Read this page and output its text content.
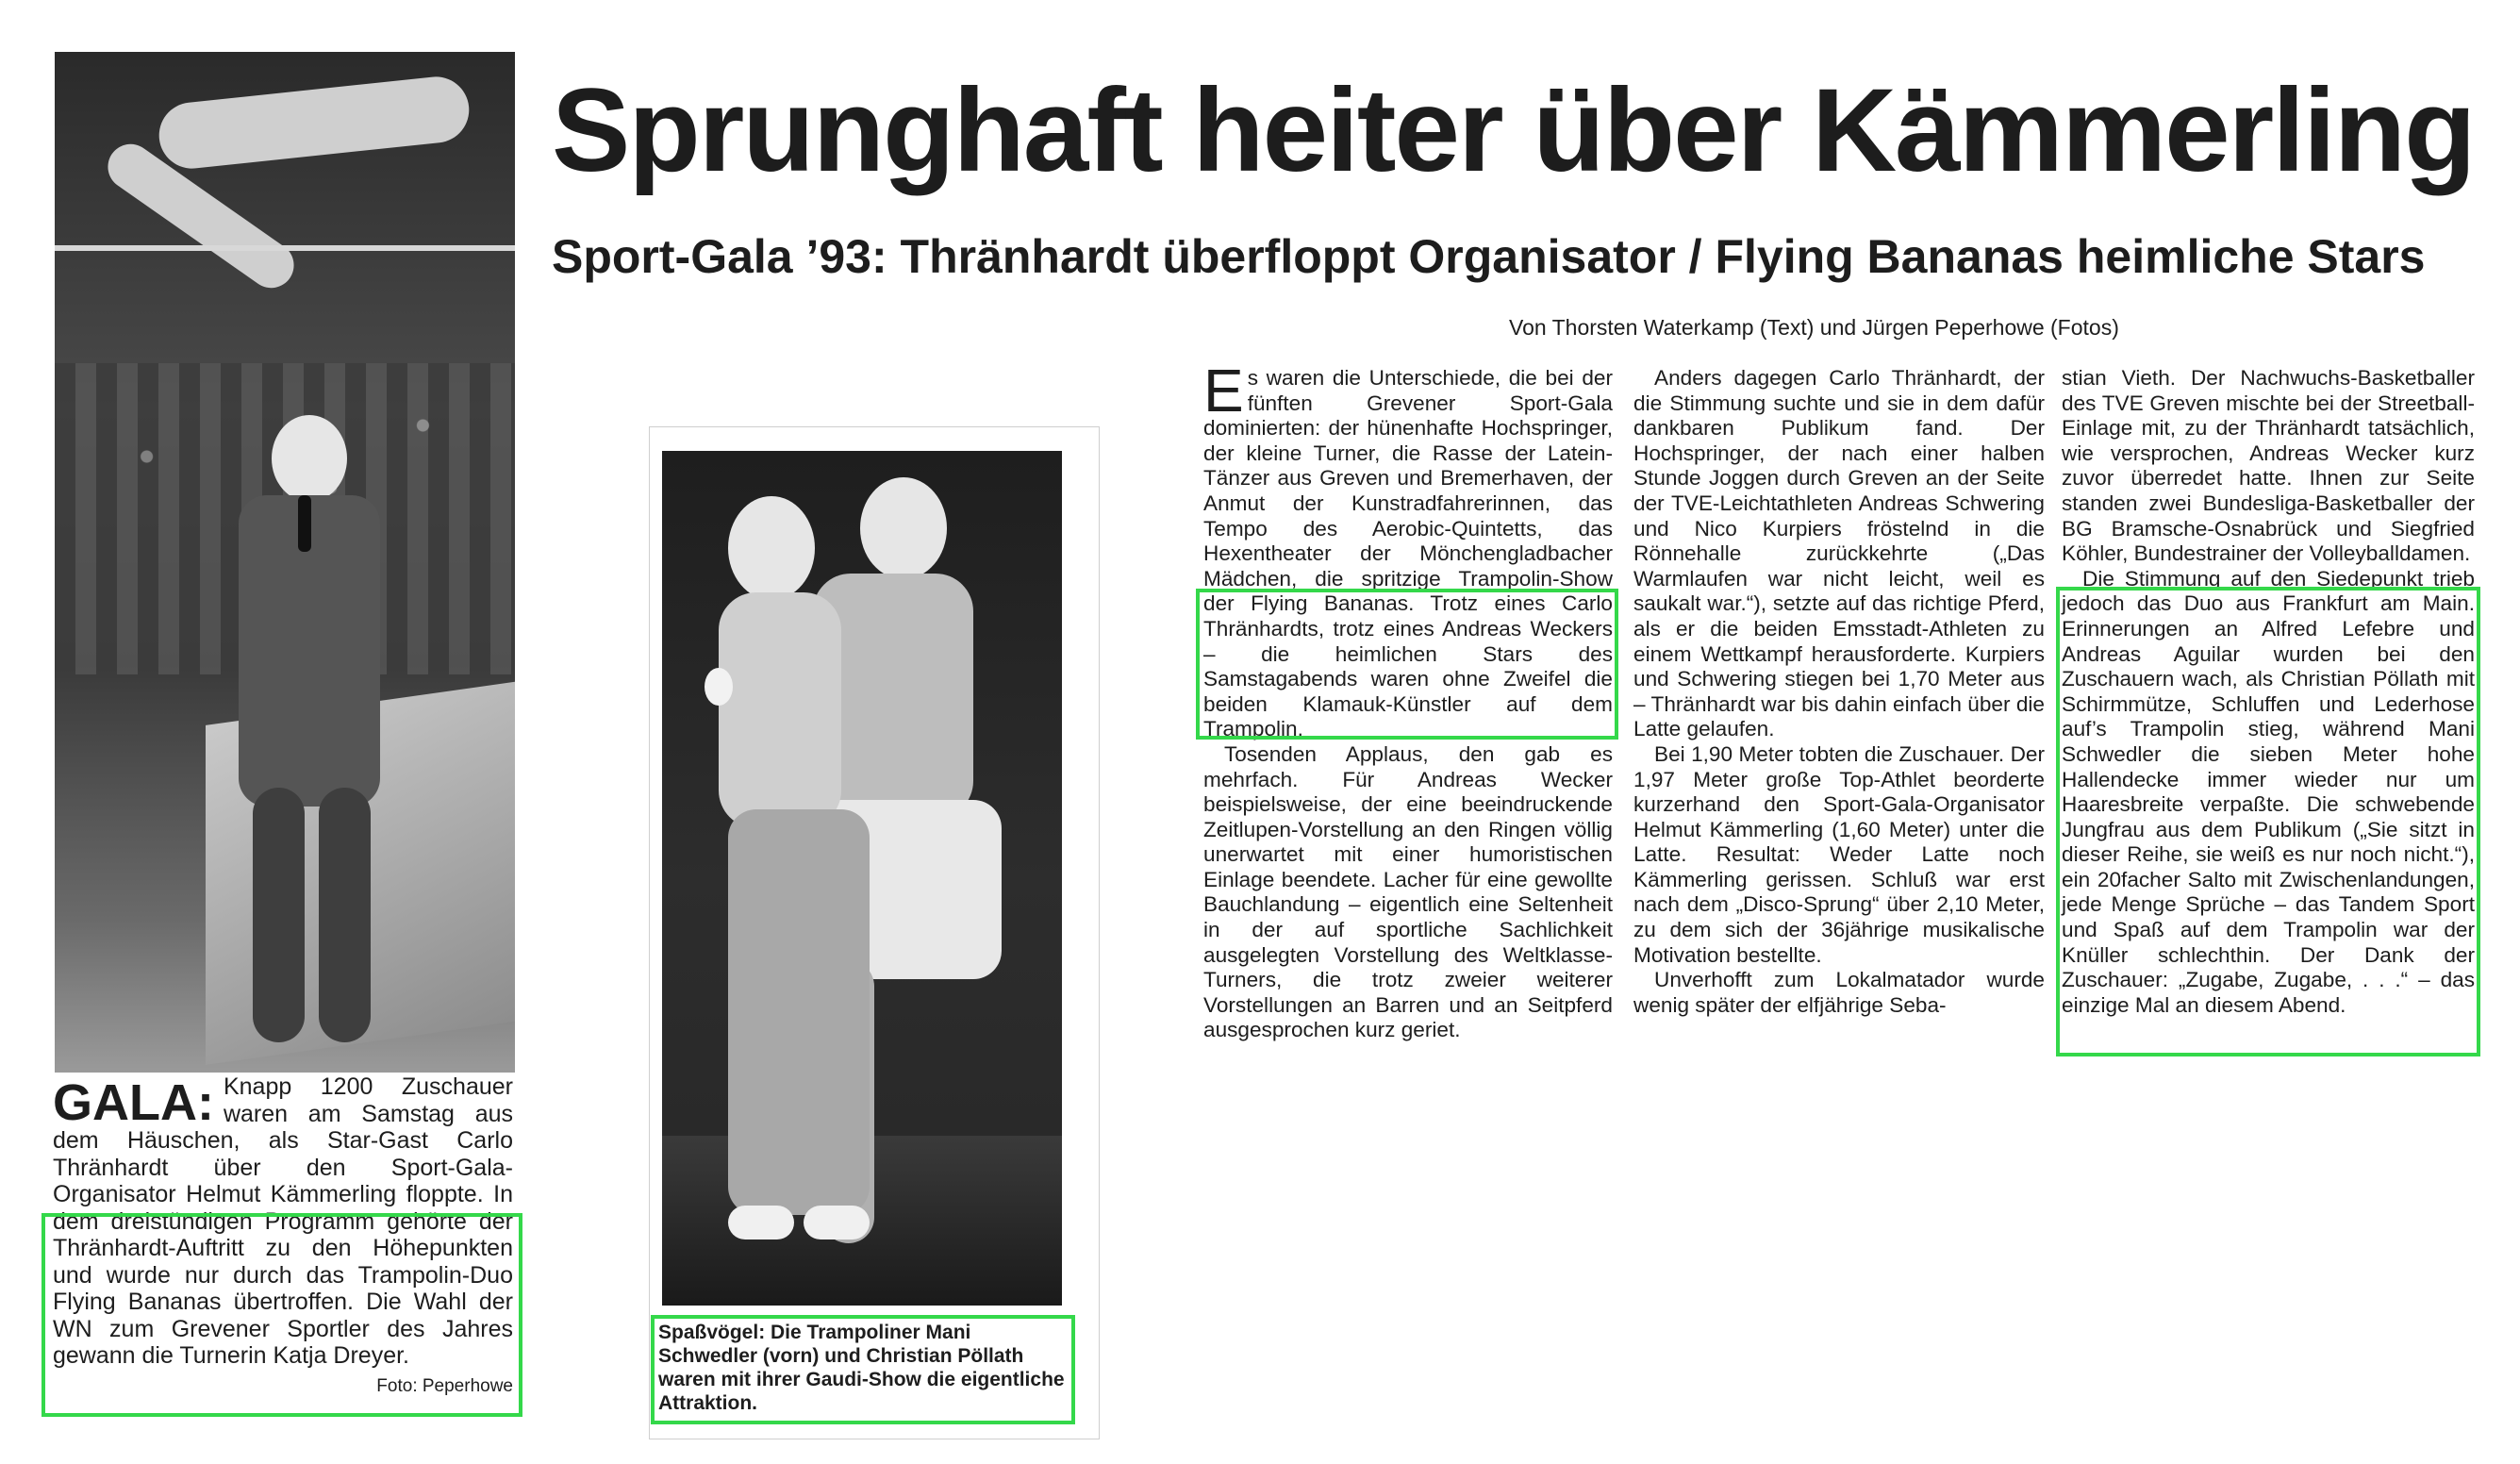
Sprunghaft heiter über Kämmerling
Sport-Gala ’93: Thränhardt überfloppt Organisator / Flying Bananas heimliche Stars
Von Thorsten Waterkamp (Text) und Jürgen Peperhowe (Fotos)
GALA: Knapp 1200 Zuschauer waren am Samstag aus dem Häuschen, als Star-Gast Carlo Thränhardt über den Sport-Gala-Organisator Helmut Kämmerling floppte. In dem dreistündigen Programm gehörte der Thränhardt-Auftritt zu den Höhepunkten und wurde nur durch das Trampolin-Duo Flying Bananas übertroffen. Die Wahl der WN zum Grevener Sportler des Jahres gewann die Turnerin Katja Dreyer.
Foto: Peperhowe
Spaßvögel: Die Trampoliner Mani Schwedler (vorn) und Christian Pöllath waren mit ihrer Gaudi-Show die eigentliche Attraktion.

Es waren die Unterschiede, die bei der fünften Grevener Sport-Gala dominierten: der hünenhafte Hochspringer, der kleine Turner, die Rasse der Latein-Tänzer aus Greven und Bremerhaven, der Anmut der Kunstradfahrerinnen, das Tempo des Aerobic-Quintetts, das Hexentheater der Mönchengladbacher Mädchen, die spritzige Trampolin-Show der Flying Bananas. Trotz eines Carlo Thränhardts, trotz eines Andreas Weckers – die heimlichen Stars des Samstagabends waren ohne Zweifel die beiden Klamauk-Künstler auf dem Trampolin.

Tosenden Applaus, den gab es mehrfach. Für Andreas Wecker beispielsweise, der eine beeindruckende Zeitlupen-Vorstellung an den Ringen völlig unerwartet mit einer humoristischen Einlage beendete. Lacher für eine gewollte Bauchlandung – eigentlich eine Seltenheit in der auf sportliche Sachlichkeit ausgelegten Vorstellung des Weltklasse-Turners, die trotz zweier weiterer Vorstellungen an Barren und an Seitpferd ausgesprochen kurz geriet.

Anders dagegen Carlo Thränhardt, der die Stimmung suchte und sie in dem dafür dankbaren Publikum fand. Der Hochspringer, der nach einer halben Stunde Joggen durch Greven an der Seite der TVE-Leichtathleten Andreas Schwering und Nico Kurpiers fröstelnd in die Rönnehalle zurückkehrte („Das Warmlaufen war nicht leicht, weil es saukalt war.“), setzte auf das richtige Pferd, als er die beiden Emsstadt-Athleten zu einem Wettkampf herausforderte. Kurpiers und Schwering stiegen bei 1,70 Meter aus – Thränhardt war bis dahin einfach über die Latte gelaufen.

Bei 1,90 Meter tobten die Zuschauer. Der 1,97 Meter große Top-Athlet beorderte kurzerhand den Sport-Gala-Organisator Helmut Kämmerling (1,60 Meter) unter die Latte. Resultat: Weder Latte noch Kämmerling gerissen. Schluß war erst nach dem „Disco-Sprung“ über 2,10 Meter, zu dem sich der 36jährige musikalische Motivation bestellte.

Unverhofft zum Lokalmatador wurde wenig später der elfjährige Seba-

stian Vieth. Der Nachwuchs-Basketballer des TVE Greven mischte bei der Streetball-Einlage mit, zu der Thränhardt tatsächlich, wie versprochen, Andreas Wecker kurz zuvor überredet hatte. Ihnen zur Seite standen zwei Bundesliga-Basketballer der BG Bramsche-Osnabrück und Siegfried Köhler, Bundestrainer der Volleyballdamen.

Die Stimmung auf den Siedepunkt trieb jedoch das Duo aus Frankfurt am Main. Erinnerungen an Alfred Lefebre und Andreas Aguilar wurden bei den Zuschauern wach, als Christian Pöllath mit Schirmmütze, Schluffen und Lederhose auf’s Trampolin stieg, während Mani Schwedler die sieben Meter hohe Hallendecke immer wieder nur um Haaresbreite verpaßte. Die schwebende Jungfrau aus dem Publikum („Sie sitzt in dieser Reihe, sie weiß es nur noch nicht.“), ein 20facher Salto mit Zwischenlandungen, jede Menge Sprüche – das Tandem Sport und Spaß auf dem Trampolin war der Knüller schlechthin. Der Dank der Zuschauer: „Zugabe, Zugabe, . . .“ – das einzige Mal an diesem Abend.
